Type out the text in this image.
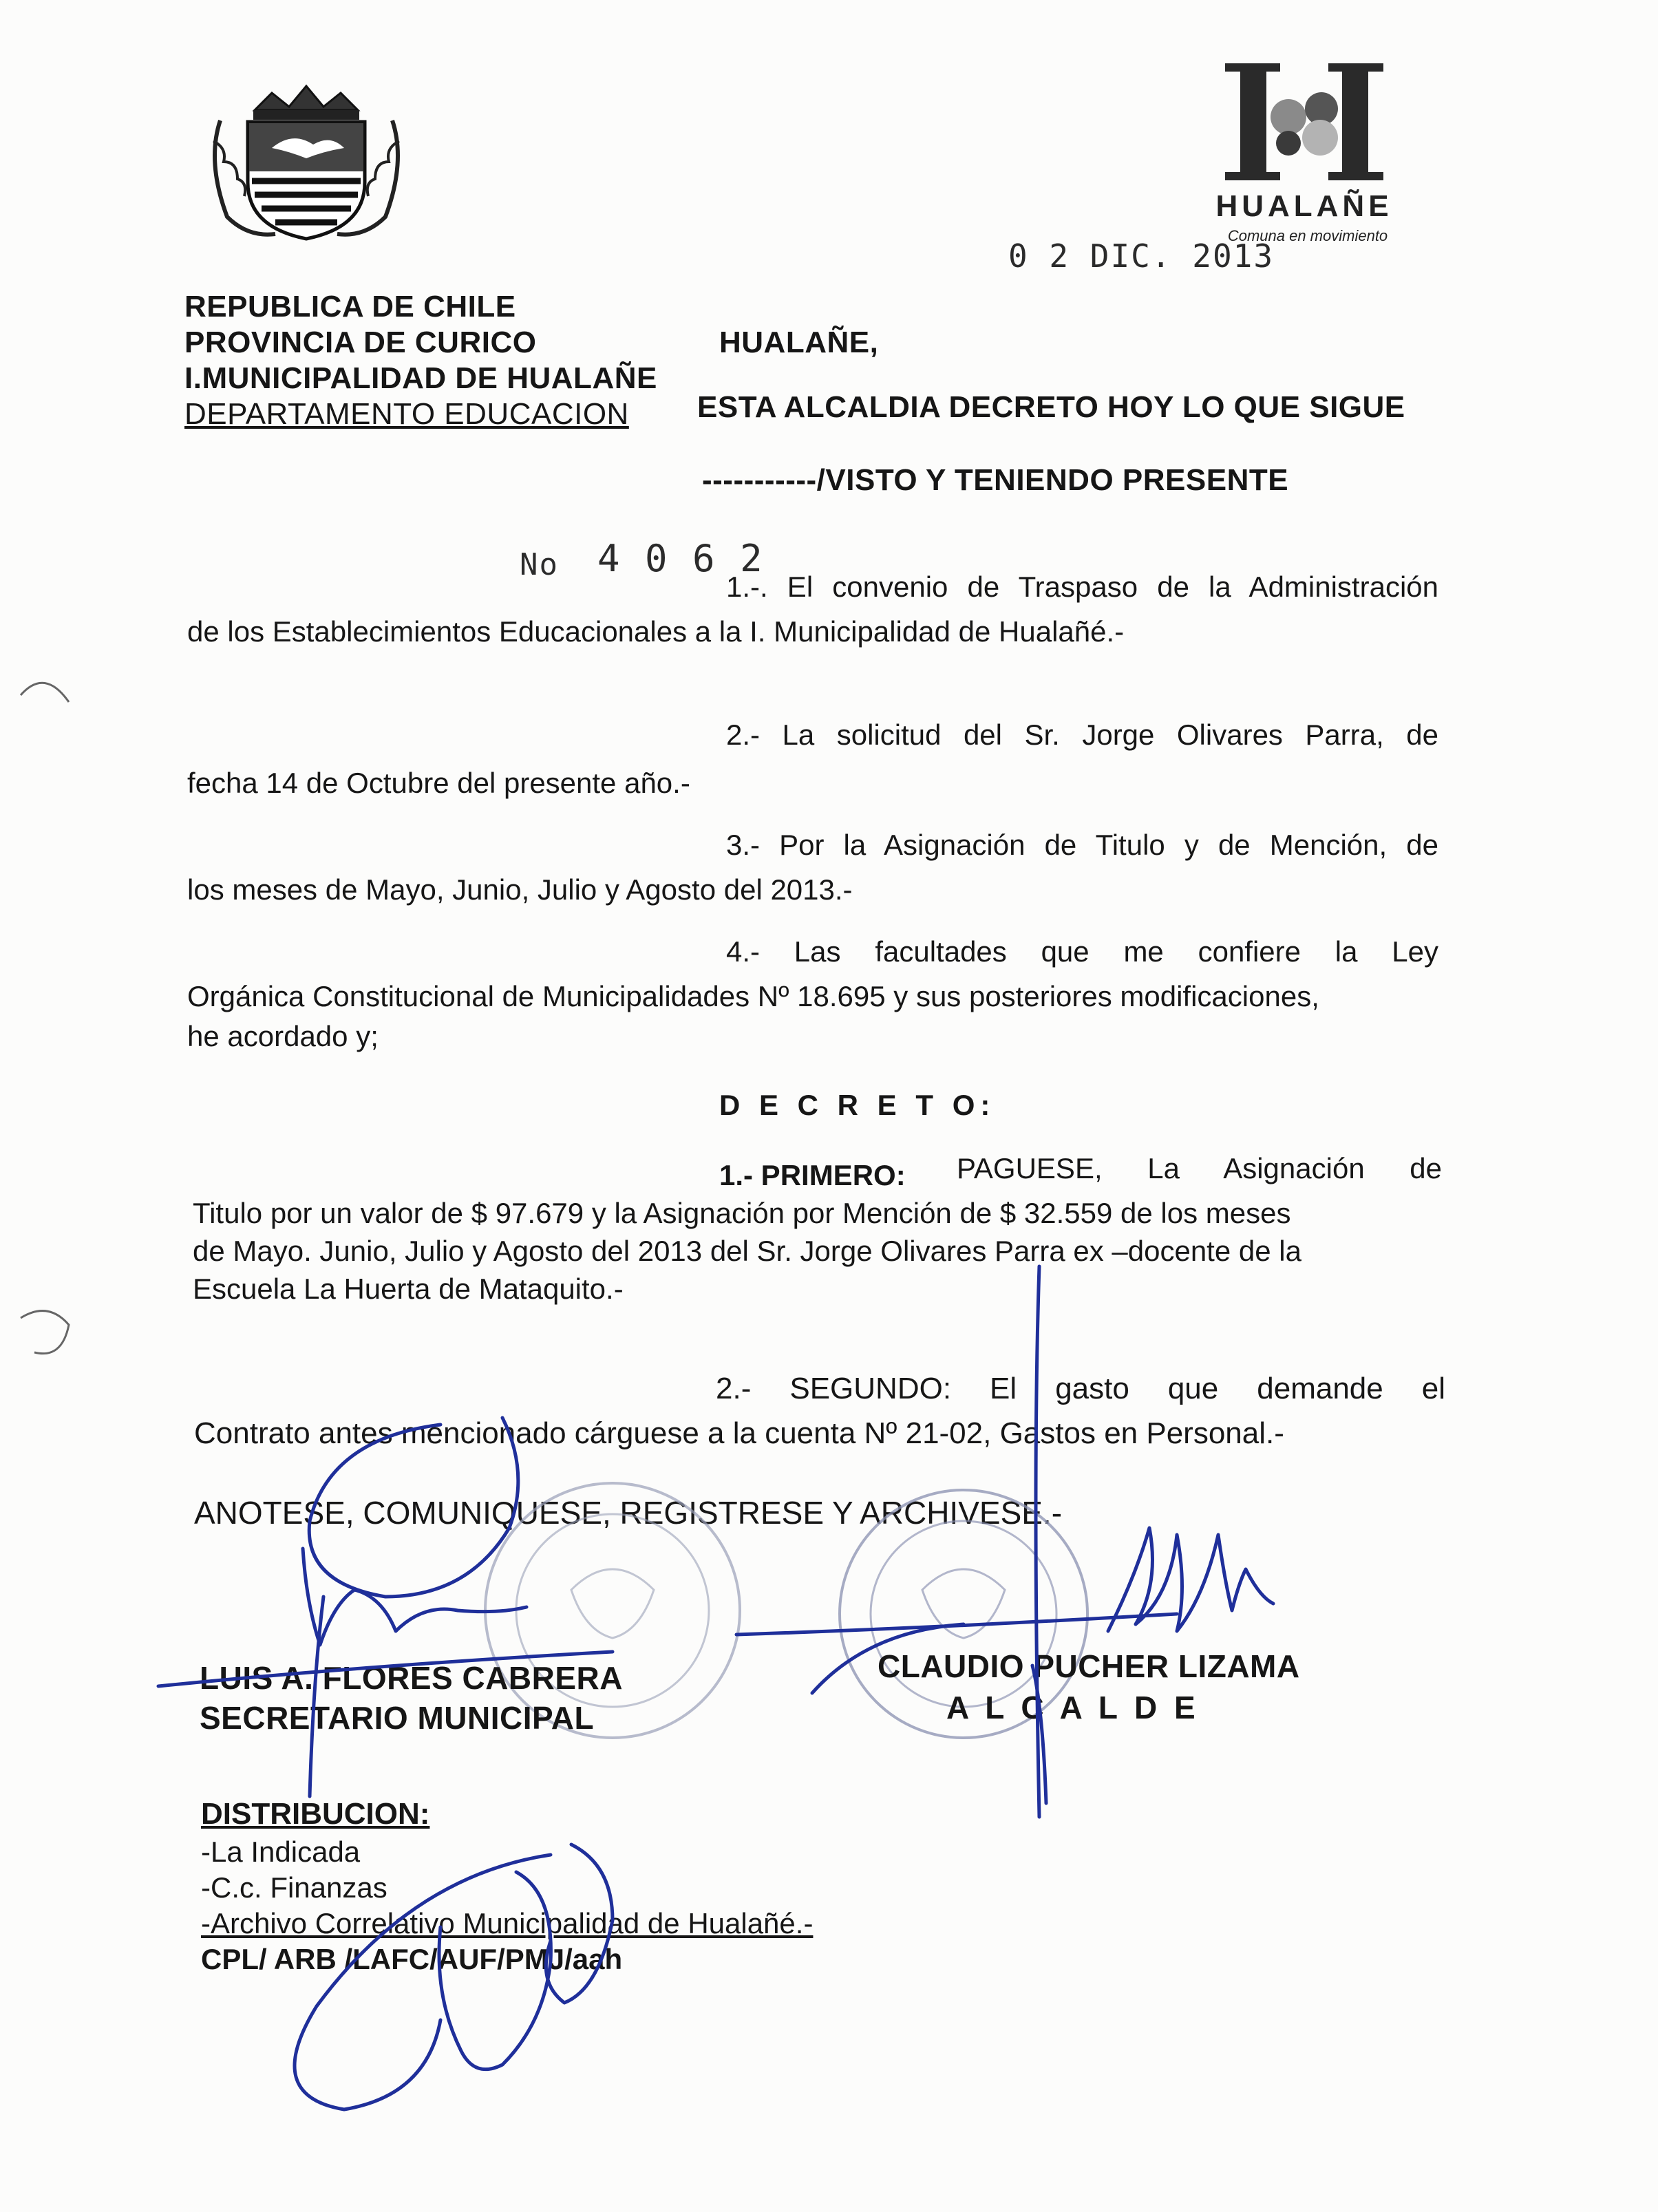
HUALAÑE
Comuna en movimiento
0 2 DIC. 2013
REPUBLICA DE CHILE
PROVINCIA DE CURICO
I.MUNICIPALIDAD DE HUALAÑE
DEPARTAMENTO EDUCACION
HUALAÑE,
ESTA ALCALDIA DECRETO HOY LO QUE SIGUE
-----------/VISTO Y TENIENDO PRESENTE
No 4 0 6 2
1.-. El convenio de Traspaso de la Administración
de los Establecimientos Educacionales a la I. Municipalidad de Hualañé.-
2.- La solicitud del Sr. Jorge Olivares Parra, de
fecha 14 de Octubre del presente año.-
3.- Por la Asignación de Titulo y de Mención, de
los meses de Mayo, Junio, Julio y Agosto del 2013.-
4.- Las facultades que me confiere la Ley
Orgánica Constitucional de Municipalidades Nº 18.695 y sus posteriores modificaciones,
he acordado y;
D E C R E T O:
1.- PRIMERO: PAGUESE, La Asignación de
Titulo por un valor de $ 97.679 y la Asignación por Mención de $ 32.559 de los meses
de Mayo. Junio, Julio y Agosto del 2013 del Sr. Jorge Olivares Parra ex –docente de la
Escuela La Huerta de Mataquito.-
2.- SEGUNDO: El gasto que demande el
Contrato antes mencionado cárguese a la cuenta Nº 21-02, Gastos en Personal.-
ANOTESE, COMUNIQUESE, REGISTRESE Y ARCHIVESE.-
LUIS A. FLORES CABRERA
SECRETARIO MUNICIPAL
CLAUDIO PUCHER LIZAMA
A L C A L D E
DISTRIBUCION:
-La Indicada
-C.c. Finanzas
-Archivo Correlativo Municipalidad de Hualañé.-
CPL/ ARB /LAFC/AUF/PMJ/aah
